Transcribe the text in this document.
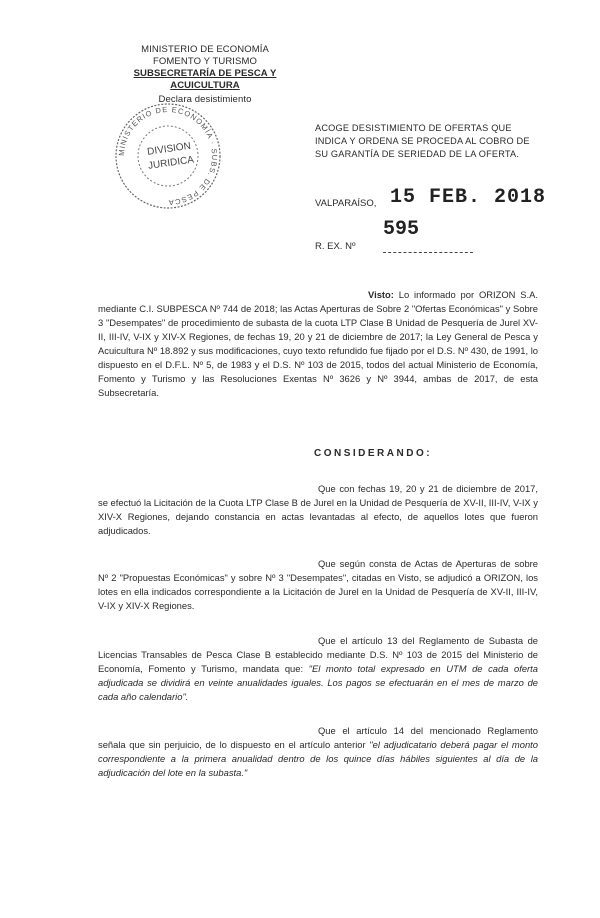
MINISTERIO DE ECONOMÍA
FOMENTO Y TURISMO
SUBSECRETARÍA DE PESCA Y ACUICULTURA
Declara desistimiento
MINISTERIO DE ECONOMÍA · SUBS. DE PESCA
DIVISION
JURIDICA
ACOGE DESISTIMIENTO DE OFERTAS QUE INDICA Y ORDENA SE PROCEDA AL COBRO DE SU GARANTÍA DE SERIEDAD DE LA OFERTA.
VALPARAÍSO, 15 FEB. 2018
R. EX. Nº
595
Visto: Lo informado por ORIZON S.A. mediante C.I. SUBPESCA Nº 744 de 2018; las Actas Aperturas de Sobre 2 "Ofertas Económicas" y Sobre 3 "Desempates" de procedimiento de subasta de la cuota LTP Clase B Unidad de Pesquería de Jurel XV-II, III-IV, V-IX y XIV-X Regiones, de fechas 19, 20 y 21 de diciembre de 2017; la Ley General de Pesca y Acuicultura Nº 18.892 y sus modificaciones, cuyo texto refundido fue fijado por el D.S. Nº 430, de 1991, lo dispuesto en el D.F.L. Nº 5, de 1983 y el D.S. Nº 103 de 2015, todos del actual Ministerio de Economía, Fomento y Turismo y las Resoluciones Exentas Nº 3626 y Nº 3944, ambas de 2017, de esta Subsecretaría.
CONSIDERANDO:
Que con fechas 19, 20 y 21 de diciembre de 2017, se efectuó la Licitación de la Cuota LTP Clase B de Jurel en la Unidad de Pesquería de XV-II, III-IV, V-IX y XIV-X Regiones, dejando constancia en actas levantadas al efecto, de aquellos lotes que fueron adjudicados.
Que según consta de Actas de Aperturas de sobre Nº 2 "Propuestas Económicas" y sobre Nº 3 "Desempates", citadas en Visto, se adjudicó a ORIZON, los lotes en ella indicados correspondiente a la Licitación de Jurel en la Unidad de Pesquería de XV-II, III-IV, V-IX y XIV-X Regiones.
Que el artículo 13 del Reglamento de Subasta de Licencias Transables de Pesca Clase B establecido mediante D.S. Nº 103 de 2015 del Ministerio de Economía, Fomento y Turismo, mandata que: "El monto total expresado en UTM de cada oferta adjudicada se dividirá en veinte anualidades iguales. Los pagos se efectuarán en el mes de marzo de cada año calendario".
Que el artículo 14 del mencionado Reglamento señala que sin perjuicio, de lo dispuesto en el artículo anterior "el adjudicatario deberá pagar el monto correspondiente a la primera anualidad dentro de los quince días hábiles siguientes al día de la adjudicación del lote en la subasta."
